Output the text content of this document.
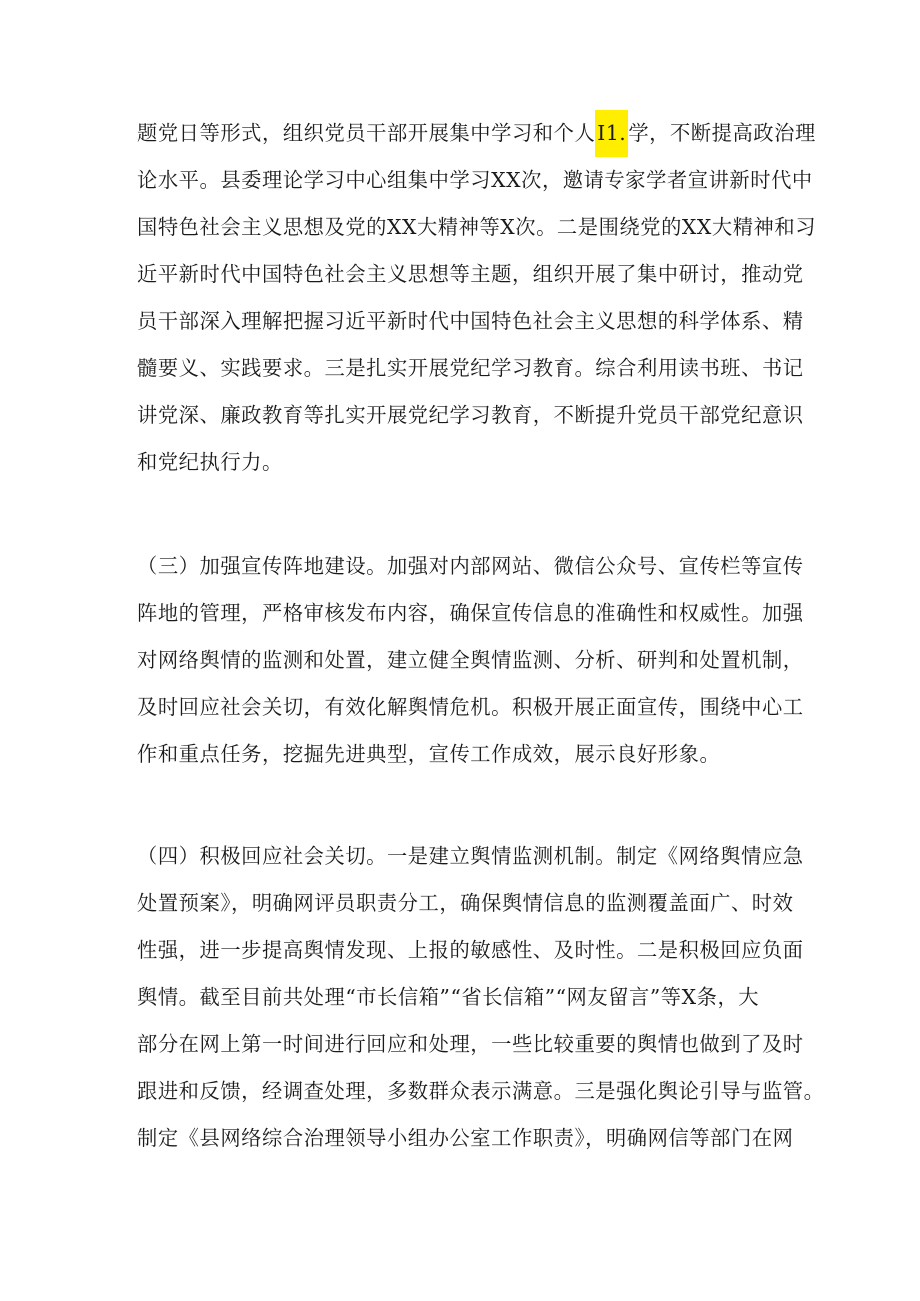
题党日等形式，组织党员干部开展集中学习和个人I1.学，不断提高政治理
论水平。县委理论学习中心组集中学习XX次，邀请专家学者宣讲新时代中
国特色社会主义思想及党的XX大精神等X次。二是围绕党的XX大精神和习
近平新时代中国特色社会主义思想等主题，组织开展了集中研讨，推动党
员干部深入理解把握习近平新时代中国特色社会主义思想的科学体系、精
髓要义、实践要求。三是扎实开展党纪学习教育。综合利用读书班、书记
讲党深、廉政教育等扎实开展党纪学习教育，不断提升党员干部党纪意识
和党纪执行力。

（三）加强宣传阵地建设。加强对内部网站、微信公众号、宣传栏等宣传
阵地的管理，严格审核发布内容，确保宣传信息的准确性和权威性。加强
对网络舆情的监测和处置，建立健全舆情监测、分析、研判和处置机制，
及时回应社会关切，有效化解舆情危机。积极开展正面宣传，围绕中心工
作和重点任务，挖掘先进典型，宣传工作成效，展示良好形象。

（四）积极回应社会关切。一是建立舆情监测机制。制定《网络舆情应急
处置预案》，明确网评员职责分工，确保舆情信息的监测覆盖面广、时效
性强，进一步提高舆情发现、上报的敏感性、及时性。二是积极回应负面
舆情。截至目前共处理“市长信箱”“省长信箱”“网友留言”等X条，大
部分在网上第一时间进行回应和处理，一些比较重要的舆情也做到了及时
跟进和反馈，经调查处理，多数群众表示满意。三是强化舆论引导与监管。
制定《县网络综合治理领导小组办公室工作职责》，明确网信等部门在网
